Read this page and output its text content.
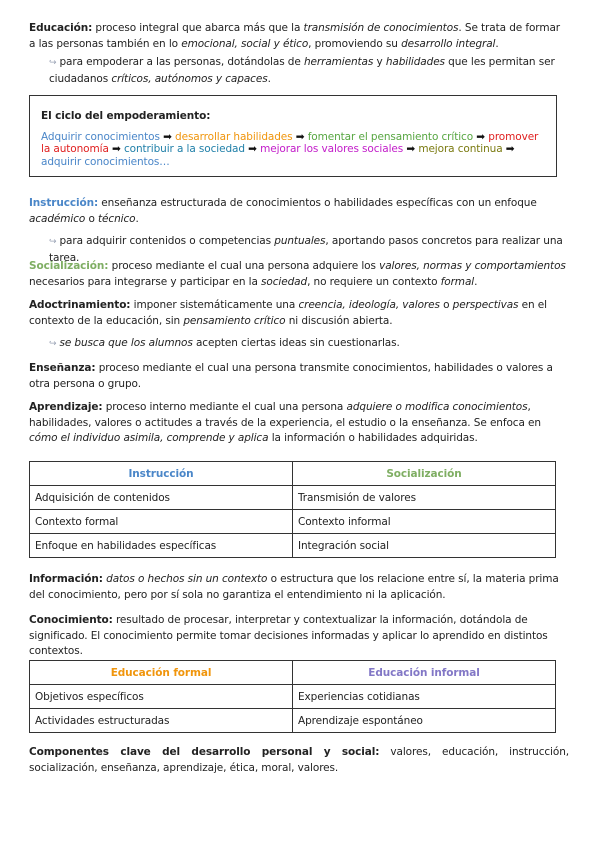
Educación: proceso integral que abarca más que la transmisión de conocimientos. Se trata de formar a las personas también en lo emocional, social y ético, promoviendo su desarrollo integral.
↪ para empoderar a las personas, dotándolas de herramientas y habilidades que les permitan ser ciudadanos críticos, autónomos y capaces.
El ciclo del empoderamiento:
Adquirir conocimientos ➡ desarrollar habilidades ➡ fomentar el pensamiento crítico ➡ promover la autonomía ➡ contribuir a la sociedad ➡ mejorar los valores sociales ➡ mejora continua ➡ adquirir conocimientos…
Instrucción: enseñanza estructurada de conocimientos o habilidades específicas con un enfoque académico o técnico.
↪ para adquirir contenidos o competencias puntuales, aportando pasos concretos para realizar una tarea.
Socialización: proceso mediante el cual una persona adquiere los valores, normas y comportamientos necesarios para integrarse y participar en la sociedad, no requiere un contexto formal.
Adoctrinamiento: imponer sistemáticamente una creencia, ideología, valores o perspectivas en el contexto de la educación, sin pensamiento crítico ni discusión abierta.
↪ se busca que los alumnos acepten ciertas ideas sin cuestionarlas.
Enseñanza: proceso mediante el cual una persona transmite conocimientos, habilidades o valores a otra persona o grupo.
Aprendizaje: proceso interno mediante el cual una persona adquiere o modifica conocimientos, habilidades, valores o actitudes a través de la experiencia, el estudio o la enseñanza. Se enfoca en cómo el individuo asimila, comprende y aplica la información o habilidades adquiridas.
Instrucción	Socialización
Adquisición de contenidos	Transmisión de valores
Contexto formal	Contexto informal
Enfoque en habilidades específicas	Integración social
Información: datos o hechos sin un contexto o estructura que los relacione entre sí, la materia prima del conocimiento, pero por sí sola no garantiza el entendimiento ni la aplicación.
Conocimiento: resultado de procesar, interpretar y contextualizar la información, dotándola de significado. El conocimiento permite tomar decisiones informadas y aplicar lo aprendido en distintos contextos.
Educación formal	Educación informal
Objetivos específicos	Experiencias cotidianas
Actividades estructuradas	Aprendizaje espontáneo
Componentes clave del desarrollo personal y social: valores, educación, instrucción, socialización, enseñanza, aprendizaje, ética, moral, valores.
